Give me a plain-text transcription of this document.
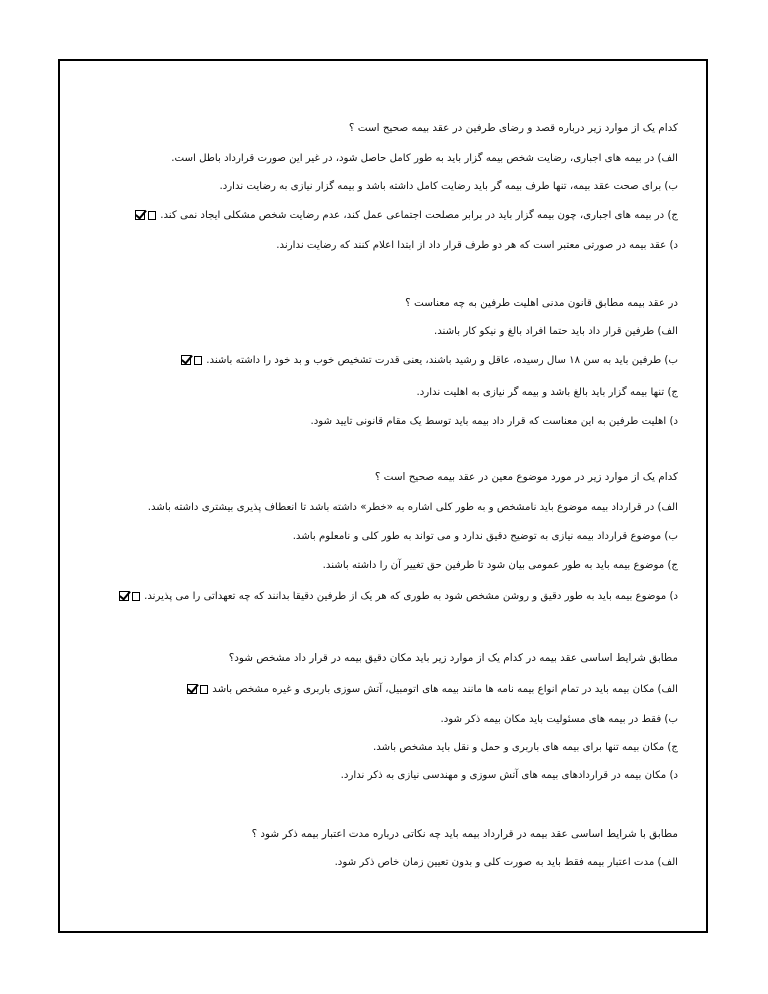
کدام یک از موارد زیر درباره قصد و رضای طرفین در عقد بیمه صحیح است ؟
الف) در بیمه های اجباری، رضایت شخص بیمه گزار باید به طور کامل حاصل شود، در غیر این صورت قرارداد باطل است.
ب) برای صحت عقد بیمه، تنها طرف بیمه گر باید رضایت کامل داشته باشد و بیمه گزار نیازی به رضایت ندارد.
ج) در بیمه های اجباری، چون بیمه گزار باید در برابر مصلحت اجتماعی عمل کند، عدم رضایت شخص مشکلی ایجاد نمی کند.
د) عقد بیمه در صورتی معتبر است که هر دو طرف قرار داد از ابتدا اعلام کنند که رضایت ندارند.
در عقد بیمه مطابق قانون مدنی اهلیت طرفین به چه معناست ؟
الف) طرفین قرار داد باید حتما افراد بالغ و نیکو کار باشند.
ب) طرفین باید به سن ۱۸ سال رسیده، عاقل و رشید باشند، یعنی قدرت تشخیص خوب و بد خود را داشته باشند.
ج) تنها بیمه گزار باید بالغ باشد و بیمه گر نیازی به اهلیت ندارد.
د) اهلیت طرفین به این معناست که قرار داد بیمه باید توسط یک مقام قانونی تایید شود.
کدام یک از موارد زیر در مورد موضوع معین در عقد بیمه صحیح است ؟
الف) در قرارداد بیمه موضوع باید نامشخص و به طور کلی اشاره به «خطر» داشته باشد تا انعطاف پذیری بیشتری داشته باشد.
ب) موضوع قرارداد بیمه نیازی به توضیح دقیق ندارد و می تواند به طور کلی و نامعلوم باشد.
ج) موضوع بیمه باید به طور عمومی بیان شود تا طرفین حق تغییر آن را داشته باشند.
د) موضوع بیمه باید به طور دقیق و روشن مشخص شود به طوری که هر یک از طرفین دقیقا بدانند که چه تعهداتی را می پذیرند.
مطابق شرایط اساسی عقد بیمه در کدام یک از موارد زیر باید مکان دقیق بیمه در قرار داد مشخص شود؟
الف) مکان بیمه باید در تمام انواع بیمه نامه ها مانند بیمه های اتومبیل، آتش سوزی باربری و غیره مشخص باشد
ب) فقط در بیمه های مسئولیت باید مکان بیمه ذکر شود.
ج) مکان بیمه تنها برای بیمه های باربری و حمل و نقل باید مشخص باشد.
د) مکان بیمه در قراردادهای بیمه های آتش سوزی و مهندسی نیازی به ذکر ندارد.
مطابق با شرایط اساسی عقد بیمه در قرارداد بیمه باید چه نکاتی درباره مدت اعتبار بیمه ذکر شود ؟
الف) مدت اعتبار بیمه فقط باید به صورت کلی و بدون تعیین زمان خاص ذکر شود.
